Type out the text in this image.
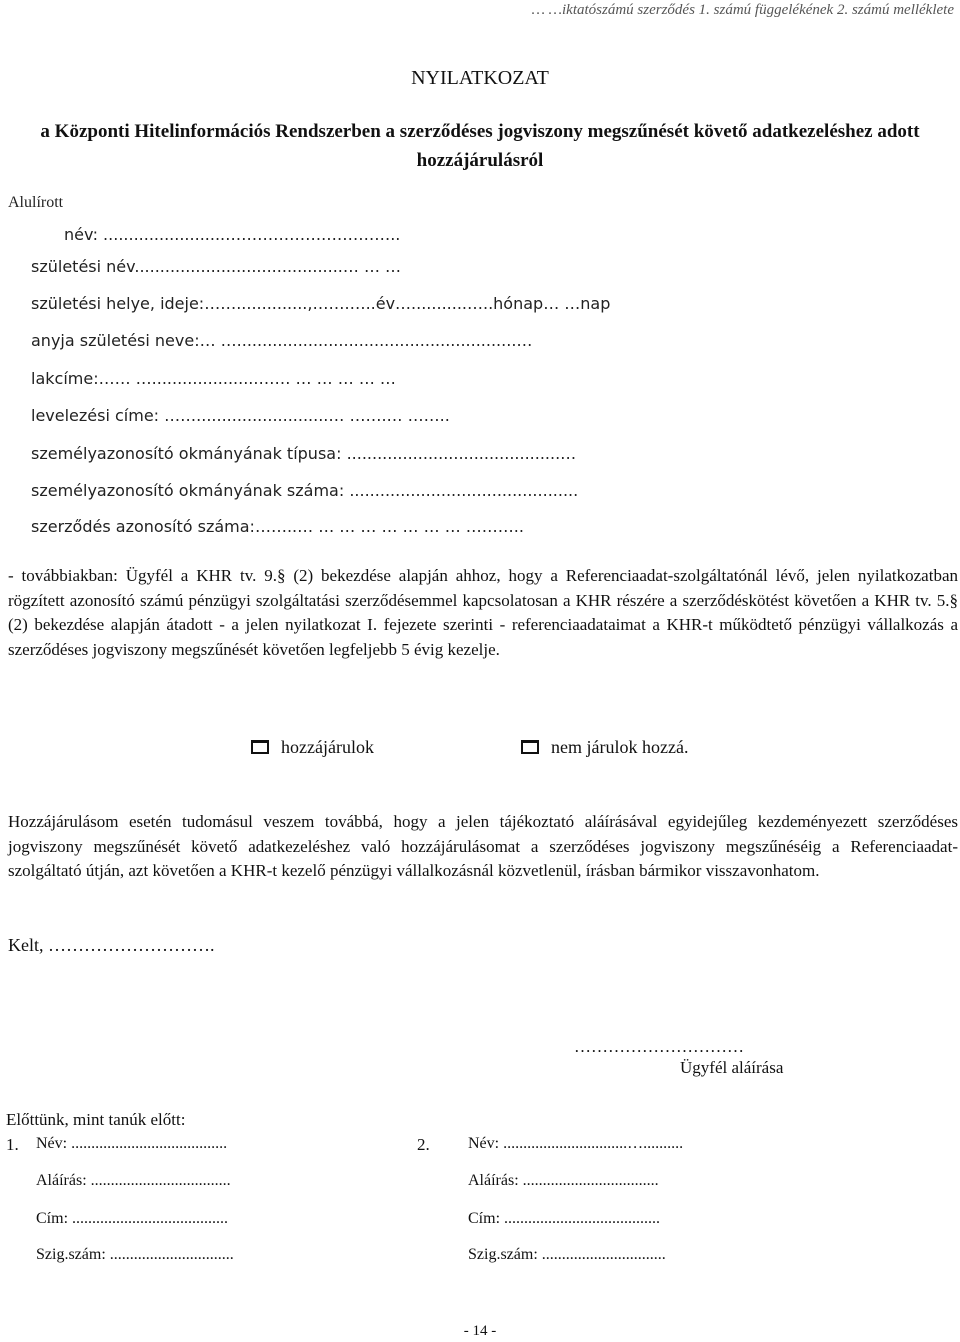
… …iktatószámú szerződés 1. számú függelékének 2. számú melléklete
NYILATKOZAT
a Központi Hitelinformációs Rendszerben a szerződéses jogviszony megszűnését követő adatkezeléshez adott hozzájárulásról
Alulírott
név: ........................……………….…………..
születési név.........................................… … …
születési helye, ideje:……..............,…….…..év…...........…..hónap… …nap
anyja születési neve:… ….......................................................…
lakcíme:…… ….....................…… … … … … …
levelezési címe: ……..........................… …….… ……..
személyazonosító okmányának típusa: ..........................................…
személyazonosító okmányának száma: .............................................
szerződés azonosító száma:……..… … … … … … … … ………..
- továbbiakban: Ügyfél a KHR tv. 9.§ (2) bekezdése alapján ahhoz, hogy a Referenciaadat-szolgáltatónál lévő, jelen nyilatkozatban rögzített azonosító számú pénzügyi szolgáltatási szerződésemmel kapcsolatosan a KHR részére a szerződéskötést követően a KHR tv. 5.§ (2) bekezdése alapján átadott - a jelen nyilatkozat I. fejezete szerinti - referenciaadataimat a KHR-t működtető pénzügyi vállalkozás a szerződéses jogviszony megszűnését követően legfeljebb 5 évig kezelje.
hozzájárulok	nem járulok hozzá.
Hozzájárulásom esetén tudomásul veszem továbbá, hogy a jelen tájékoztató aláírásával egyidejűleg kezdeményezett szerződéses jogviszony megszűnését követő adatkezeléshez való hozzájárulásomat a szerződéses jogviszony megszűnéséig a Referenciaadat-szolgáltató útján, azt követően a KHR-t kezelő pénzügyi vállalkozásnál közvetlenül, írásban bármikor visszavonhatom.
Kelt, ……………………….
…………………………
Ügyfél aláírása
Előttünk, mint tanúk előtt:
1. Név: .......................................
Aláírás: ...................................
Cím: .......................................
Szig.szám: ...............................
2. Név: ...............................…..........
Aláírás: ..................................
Cím: .......................................
Szig.szám: ...............................
- 14 -
